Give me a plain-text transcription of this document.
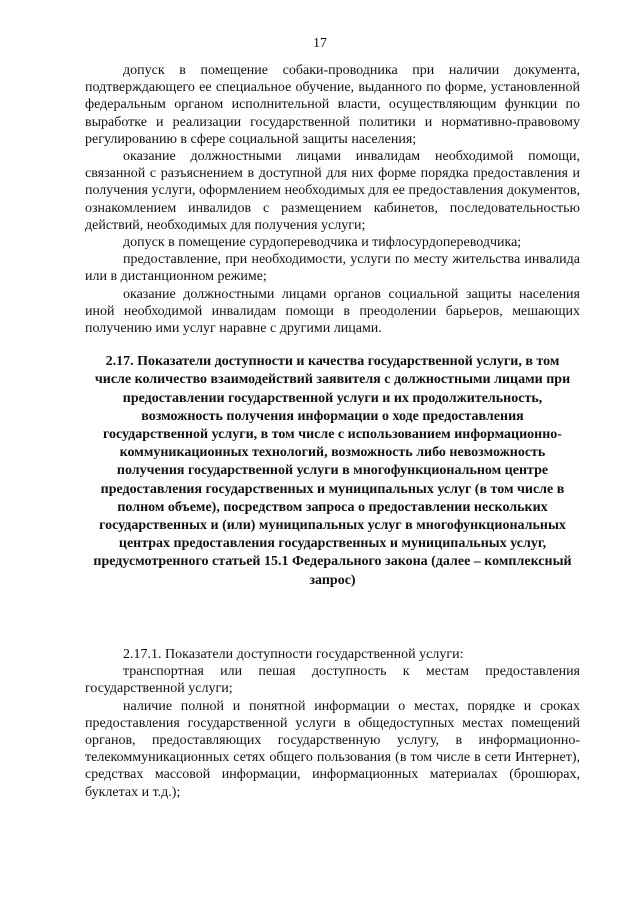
17

допуск в помещение собаки-проводника при наличии документа, подтверждающего ее специальное обучение, выданного по форме, установленной федеральным органом исполнительной власти, осуществляющим функции по выработке и реализации государственной политики и нормативно-правовому регулированию в сфере социальной защиты населения;

оказание должностными лицами инвалидам необходимой помощи, связанной с разъяснением в доступной для них форме порядка предоставления и получения услуги, оформлением необходимых для ее предоставления документов, ознакомлением инвалидов с размещением кабинетов, последовательностью действий, необходимых для получения услуги;

допуск в помещение сурдопереводчика и тифлосурдопереводчика;

предоставление, при необходимости, услуги по месту жительства инвалида или в дистанционном режиме;

оказание должностными лицами органов социальной защиты населения иной необходимой инвалидам помощи в преодолении барьеров, мешающих получению ими услуг наравне с другими лицами.

2.17. Показатели доступности и качества государственной услуги, в том числе количество взаимодействий заявителя с должностными лицами при предоставлении государственной услуги и их продолжительность, возможность получения информации о ходе предоставления государственной услуги, в том числе с использованием информационно-коммуникационных технологий, возможность либо невозможность получения государственной услуги в многофункциональном центре предоставления государственных и муниципальных услуг (в том числе в полном объеме), посредством запроса о предоставлении нескольких государственных и (или) муниципальных услуг в многофункциональных центрах предоставления государственных и муниципальных услуг, предусмотренного статьей 15.1 Федерального закона (далее – комплексный запрос)

2.17.1. Показатели доступности государственной услуги:

транспортная или пешая доступность к местам предоставления государственной услуги;

наличие полной и понятной информации о местах, порядке и сроках предоставления государственной услуги в общедоступных местах помещений органов, предоставляющих государственную услугу, в информационно-телекоммуникационных сетях общего пользования (в том числе в сети Интернет), средствах массовой информации, информационных материалах (брошюрах, буклетах и т.д.);
